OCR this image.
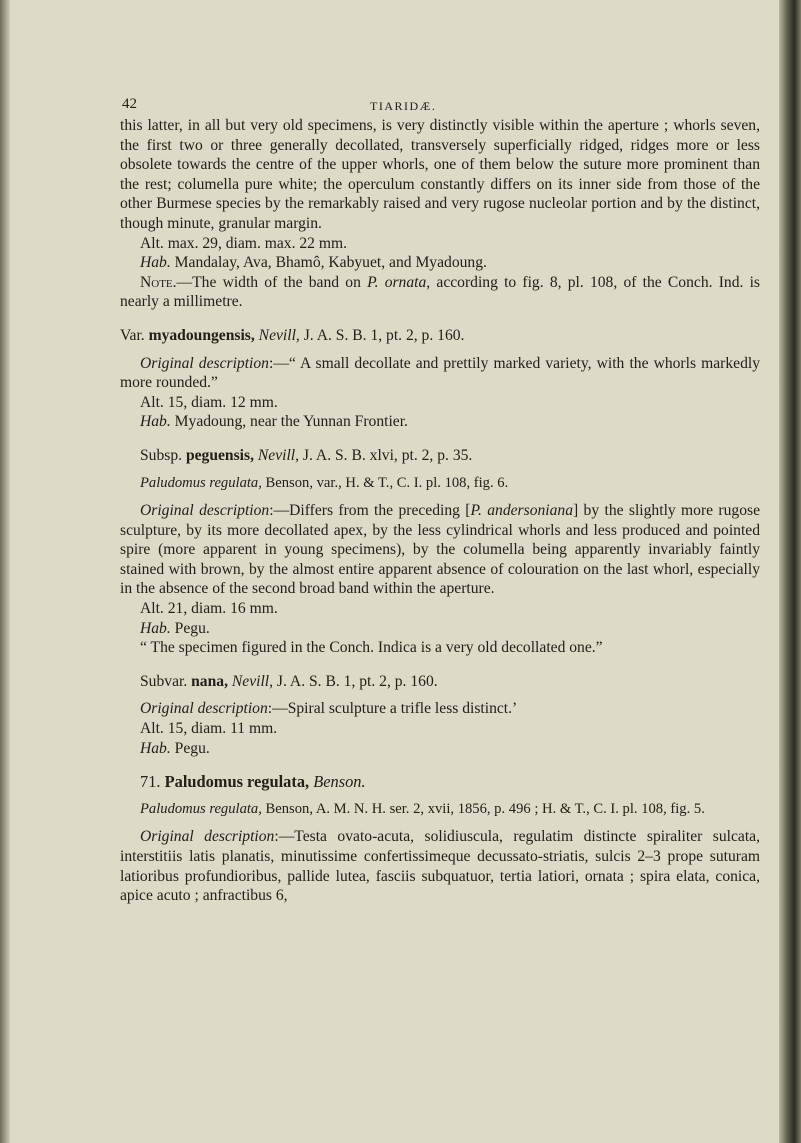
42	TIARIDÆ.

this latter, in all but very old specimens, is very distinctly visible within the aperture ; whorls seven, the first two or three generally decollated, transversely superficially ridged, ridges more or less obsolete towards the centre of the upper whorls, one of them below the suture more prominent than the rest; columella pure white; the operculum constantly differs on its inner side from those of the other Burmese species by the remarkably raised and very rugose nucleolar portion and by the distinct, though minute, granular margin.

Alt. max. 29, diam. max. 22 mm.

Hab. Mandalay, Ava, Bhamô, Kabyuet, and Myadoung.

Note.—The width of the band on P. ornata, according to fig. 8, pl. 108, of the Conch. Ind. is nearly a millimetre.

Var. myadoungensis, Nevill, J. A. S. B. 1, pt. 2, p. 160.

Original description:—“ A small decollate and prettily marked variety, with the whorls markedly more rounded.”

Alt. 15, diam. 12 mm.

Hab. Myadoung, near the Yunnan Frontier.

Subsp. peguensis, Nevill, J. A. S. B. xlvi, pt. 2, p. 35.

Paludomus regulata, Benson, var., H. & T., C. I. pl. 108, fig. 6.

Original description:—Differs from the preceding [P. andersoniana] by the slightly more rugose sculpture, by its more decollated apex, by the less cylindrical whorls and less produced and pointed spire (more apparent in young specimens), by the columella being apparently invariably faintly stained with brown, by the almost entire apparent absence of colouration on the last whorl, especially in the absence of the second broad band within the aperture.

Alt. 21, diam. 16 mm.

Hab. Pegu.

“ The specimen figured in the Conch. Indica is a very old decollated one.”

Subvar. nana, Nevill, J. A. S. B. 1, pt. 2, p. 160.

Original description:—Spiral sculpture a trifle less distinct.’

Alt. 15, diam. 11 mm.

Hab. Pegu.

71. Paludomus regulata, Benson.

Paludomus regulata, Benson, A. M. N. H. ser. 2, xvii, 1856, p. 496 ; H. & T., C. I. pl. 108, fig. 5.

Original description:—Testa ovato-acuta, solidiuscula, regulatim distincte spiraliter sulcata, interstitiis latis planatis, minutissime confertissimeque decussato-striatis, sulcis 2–3 prope suturam latioribus profundioribus, pallide lutea, fasciis subquatuor, tertia latiori, ornata ; spira elata, conica, apice acuto ; anfractibus 6,
